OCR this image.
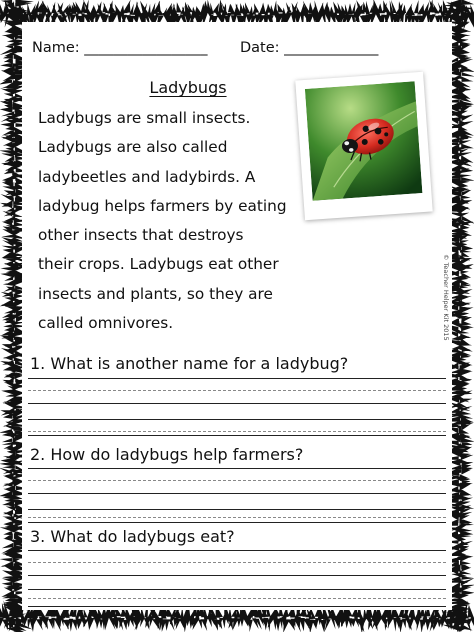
Name: _________________ Date: _____________
Ladybugs
Ladybugs are small insects.
Ladybugs are also called
ladybeetles and ladybirds. A
ladybug helps farmers by eating
other insects that destroys
their crops. Ladybugs eat other
insects and plants, so they are
called omnivores.	© Teacher Helper Kit 2015
1. What is another name for a ladybug?
2. How do ladybugs help farmers?
3. What do ladybugs eat?
